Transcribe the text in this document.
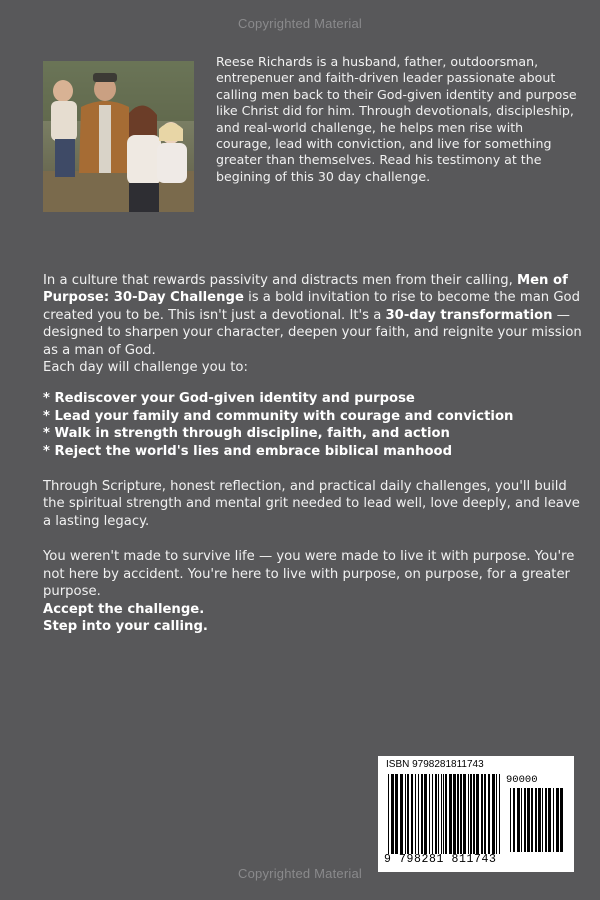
Copyrighted Material
Reese Richards is a husband, father, outdoorsman, entrepenuer and faith-driven leader passionate about calling men back to their God-given identity and purpose like Christ did for him. Through devotionals, discipleship, and real-world challenge, he helps men rise with courage, lead with conviction, and live for something greater than themselves. Read his testimony at the begining of this 30 day challenge.

In a culture that rewards passivity and distracts men from their calling, Men of Purpose: 30-Day Challenge is a bold invitation to rise to become the man God created you to be. This isn't just a devotional. It's a 30-day transformation — designed to sharpen your character, deepen your faith, and reignite your mission as a man of God.

Each day will challenge you to:

* Rediscover your God-given identity and purpose

* Lead your family and community with courage and conviction

* Walk in strength through discipline, faith, and action

* Reject the world's lies and embrace biblical manhood

Through Scripture, honest reflection, and practical daily challenges, you'll build the spiritual strength and mental grit needed to lead well, love deeply, and leave a lasting legacy.

You weren't made to survive life — you were made to live it with purpose. You're not here by accident. You're here to live with purpose, on purpose, for a greater purpose.

Accept the challenge.

Step into your calling.

ISBN 9798281811743
90000
9 798281 811743
Copyrighted Material
